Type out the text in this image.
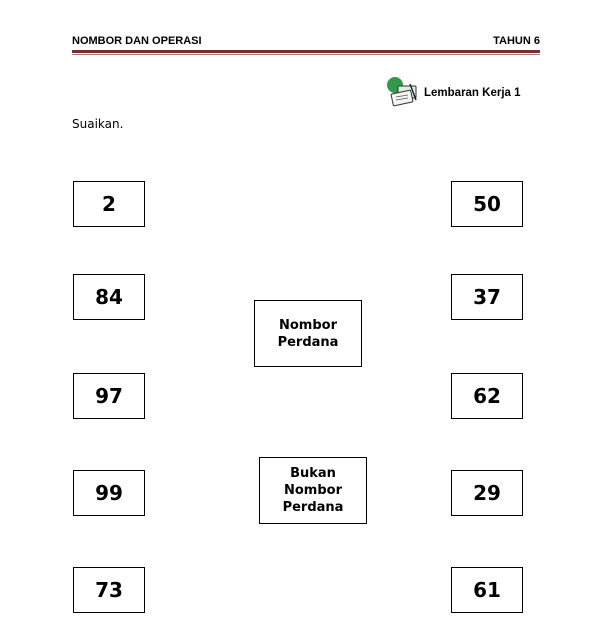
NOMBOR DAN OPERASI	TAHUN 6
Lembaran Kerja 1
Suaikan.
2
84
97
99
73
50
37
62
29
61
Nombor
Perdana
Bukan
Nombor
Perdana
